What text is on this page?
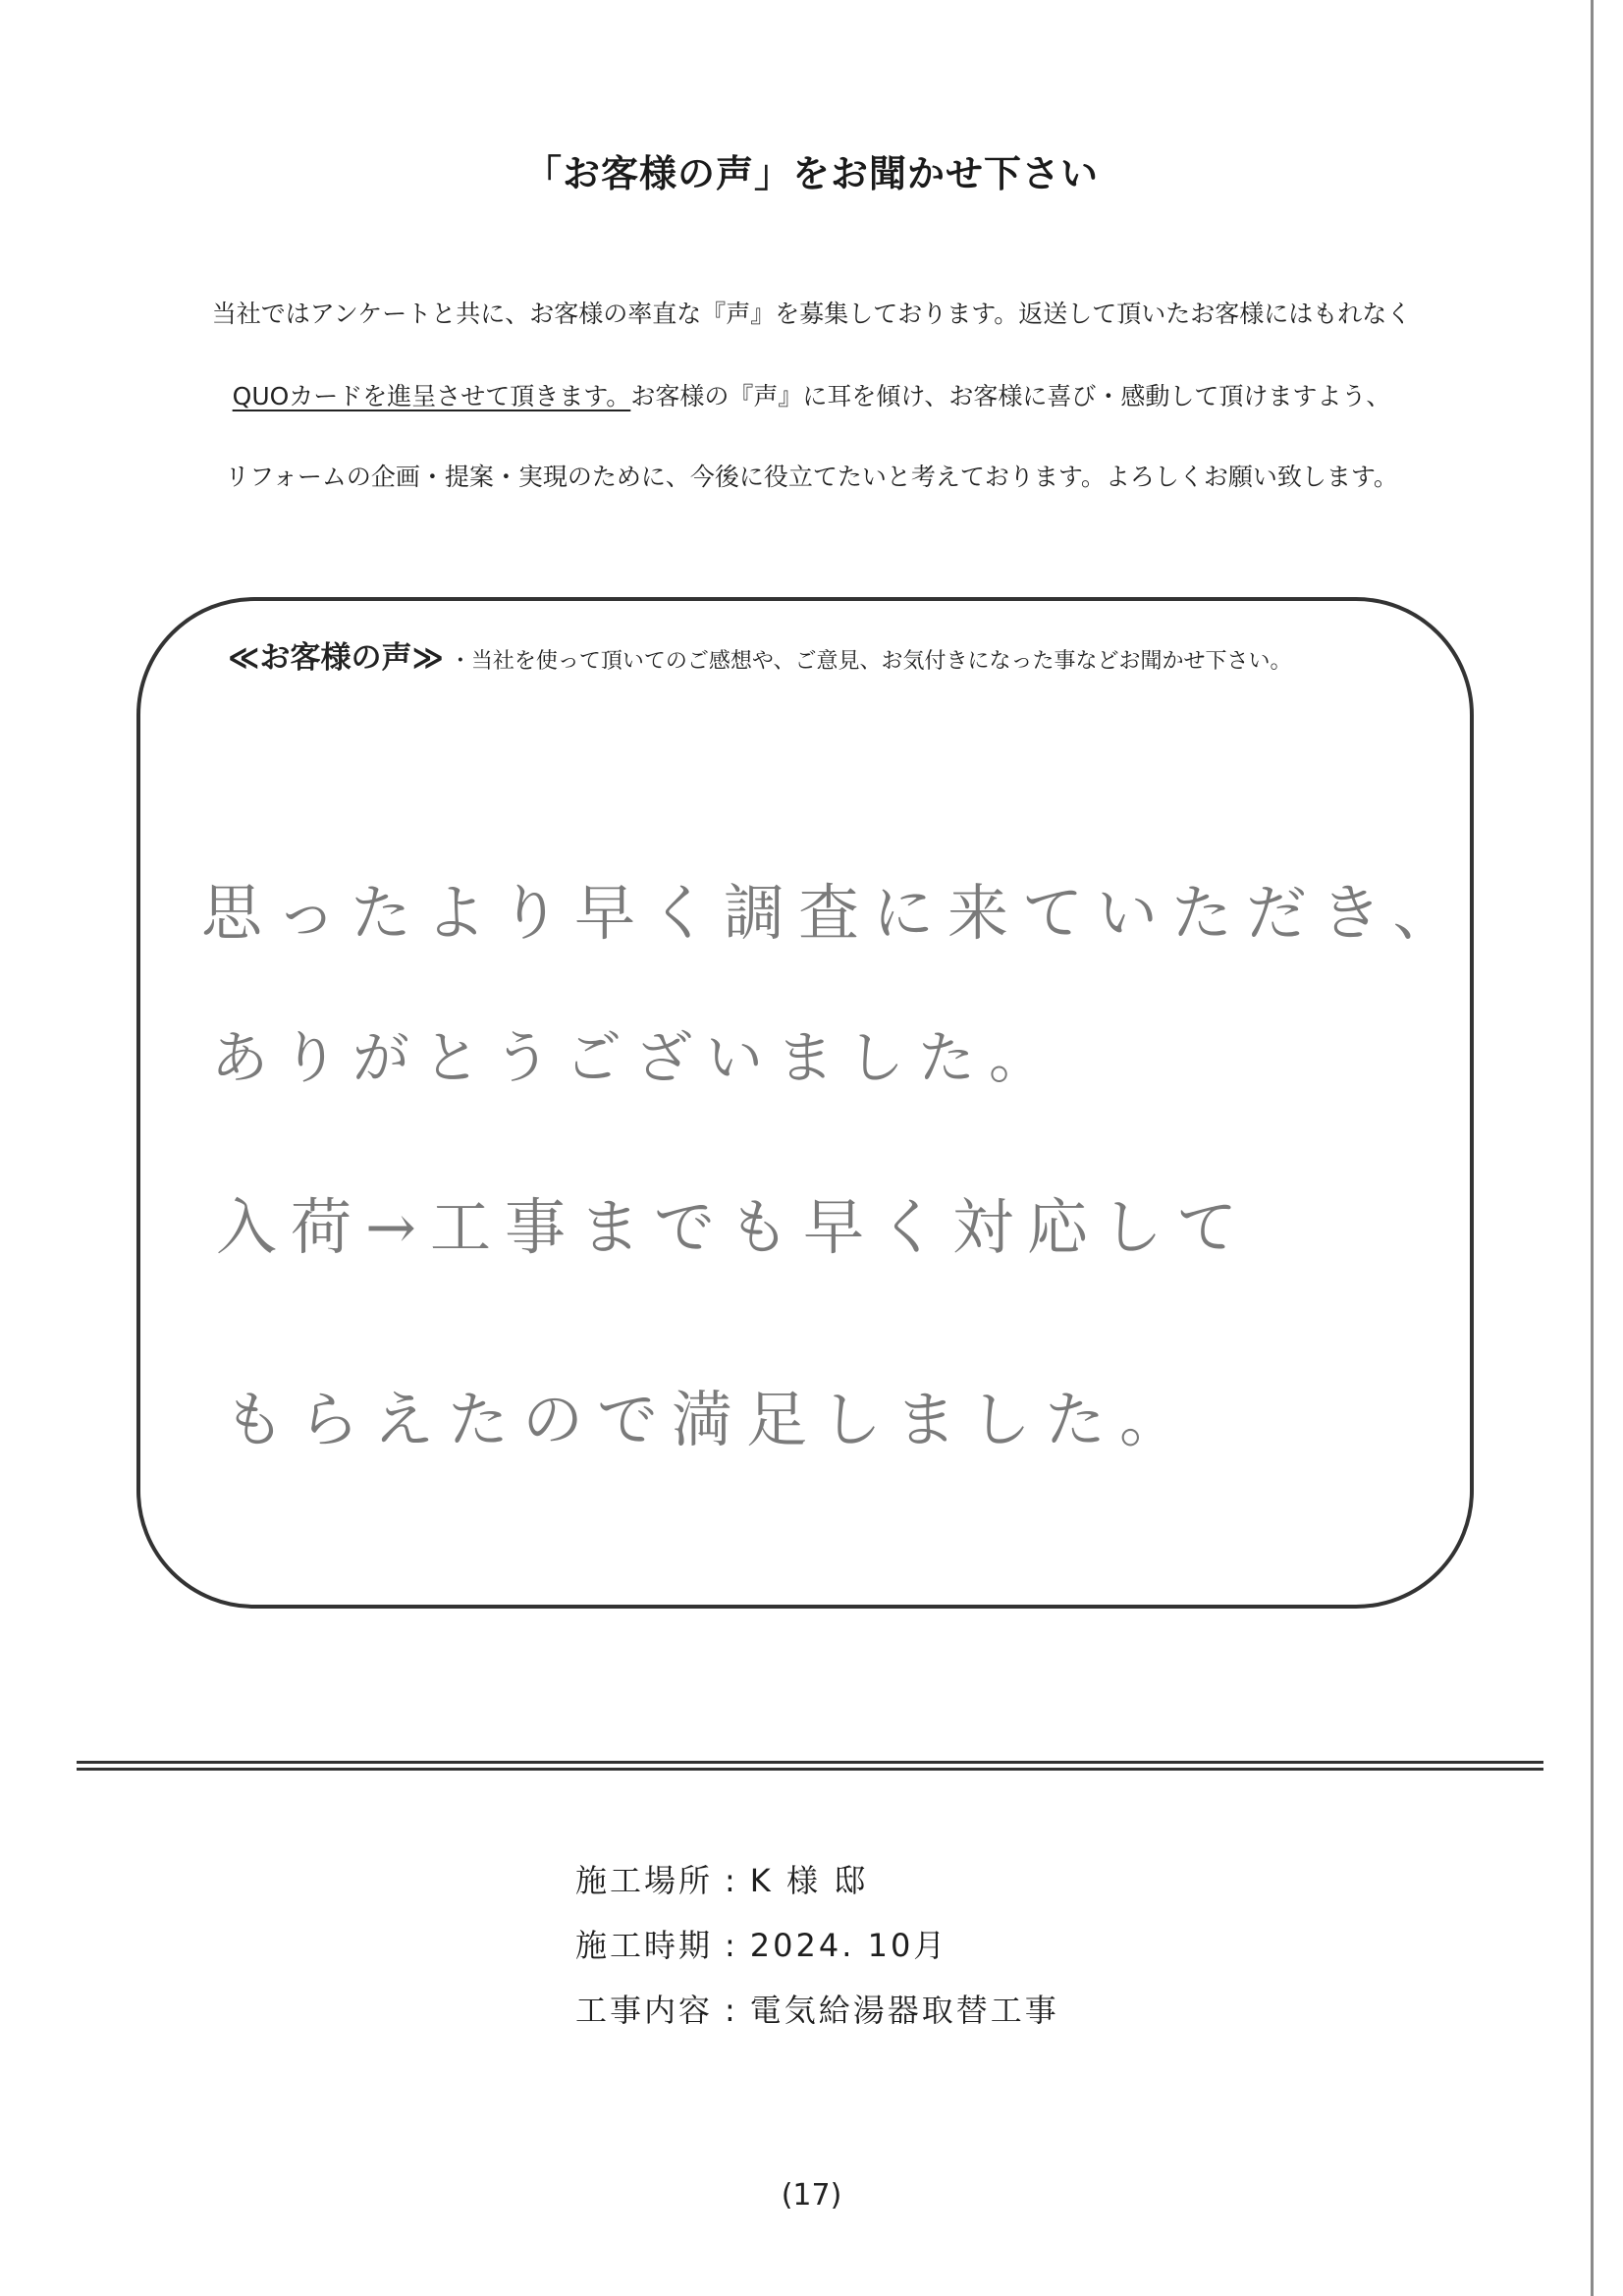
「お客様の声」をお聞かせ下さい
当社ではアンケートと共に、お客様の率直な『声』を募集しております。返送して頂いたお客様にはもれなく
QUOカードを進呈させて頂きます。お客様の『声』に耳を傾け、お客様に喜び・感動して頂けますよう、
リフォームの企画・提案・実現のために、今後に役立てたいと考えております。よろしくお願い致します。
≪お客様の声≫ ・当社を使って頂いてのご感想や、ご意見、お気付きになった事などお聞かせ下さい。
思ったより早く調査に来ていただき、
ありがとうございました。
入荷→工事までも早く対応して
もらえたので満足しました。
施工場所 : K 様 邸
施工時期 : 2024. 10月
工事内容 : 電気給湯器取替工事
(17)
